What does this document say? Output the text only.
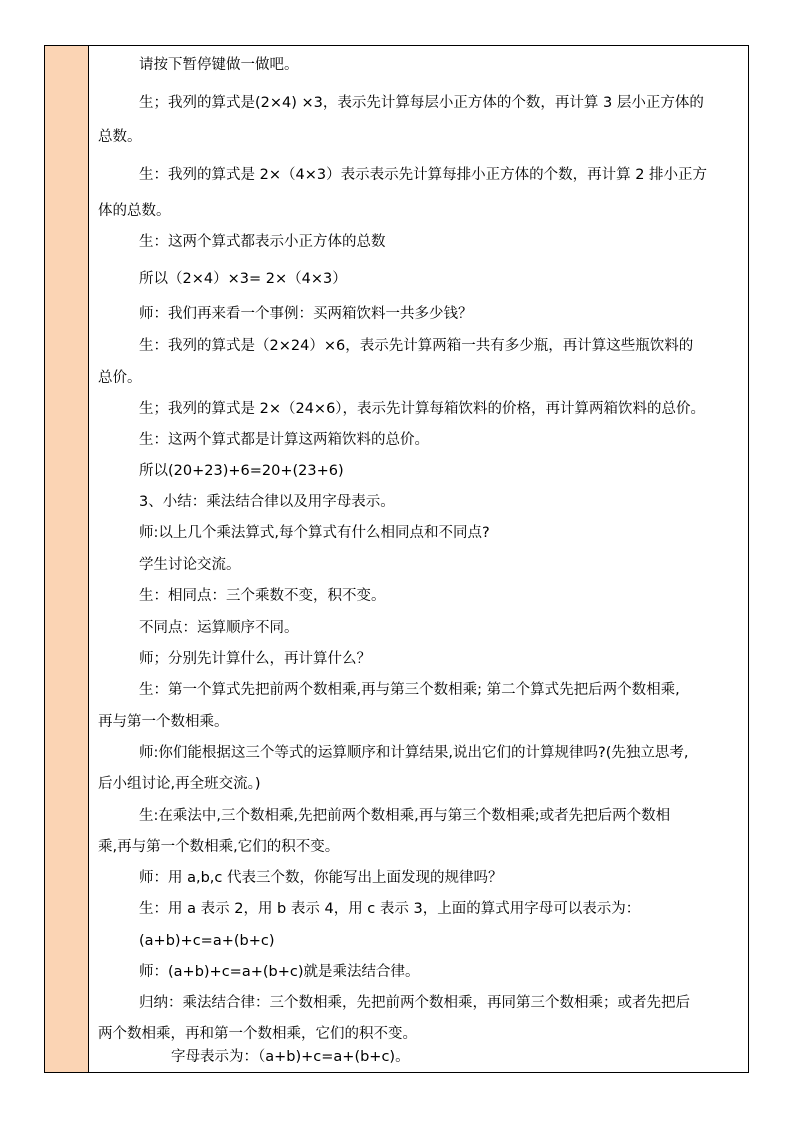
请按下暂停键做一做吧。
生；我列的算式是(2×4) ×3，表示先计算每层小正方体的个数，再计算 3 层小正方体的
总数。
生：我列的算式是 2×（4×3）表示表示先计算每排小正方体的个数，再计算 2 排小正方
体的总数。
生：这两个算式都表示小正方体的总数
所以（2×4）×3= 2×（4×3）
师：我们再来看一个事例：买两箱饮料一共多少钱？
生：我列的算式是（2×24）×6，表示先计算两箱一共有多少瓶，再计算这些瓶饮料的
总价。
生；我列的算式是 2×（24×6），表示先计算每箱饮料的价格，再计算两箱饮料的总价。
生：这两个算式都是计算这两箱饮料的总价。
所以(20+23)+6=20+(23+6)
3、小结：乘法结合律以及用字母表示。
师:以上几个乘法算式,每个算式有什么相同点和不同点?
学生讨论交流。
生：相同点：三个乘数不变，积不变。
不同点：运算顺序不同。
师；分别先计算什么，再计算什么？
生：第一个算式先把前两个数相乘,再与第三个数相乘; 第二个算式先把后两个数相乘,
再与第一个数相乘。
师:你们能根据这三个等式的运算顺序和计算结果,说出它们的计算规律吗?(先独立思考,
后小组讨论,再全班交流。)
生:在乘法中,三个数相乘,先把前两个数相乘,再与第三个数相乘;或者先把后两个数相
乘,再与第一个数相乘,它们的积不变。
师：用 a,b,c 代表三个数，你能写出上面发现的规律吗？
生：用 a 表示 2，用 b 表示 4，用 c 表示 3，上面的算式用字母可以表示为：
(a+b)+c=a+(b+c)
师：(a+b)+c=a+(b+c)就是乘法结合律。
归纳：乘法结合律：三个数相乘，先把前两个数相乘，再同第三个数相乘；或者先把后
两个数相乘，再和第一个数相乘，它们的积不变。
字母表示为：（a+b)+c=a+(b+c)。
